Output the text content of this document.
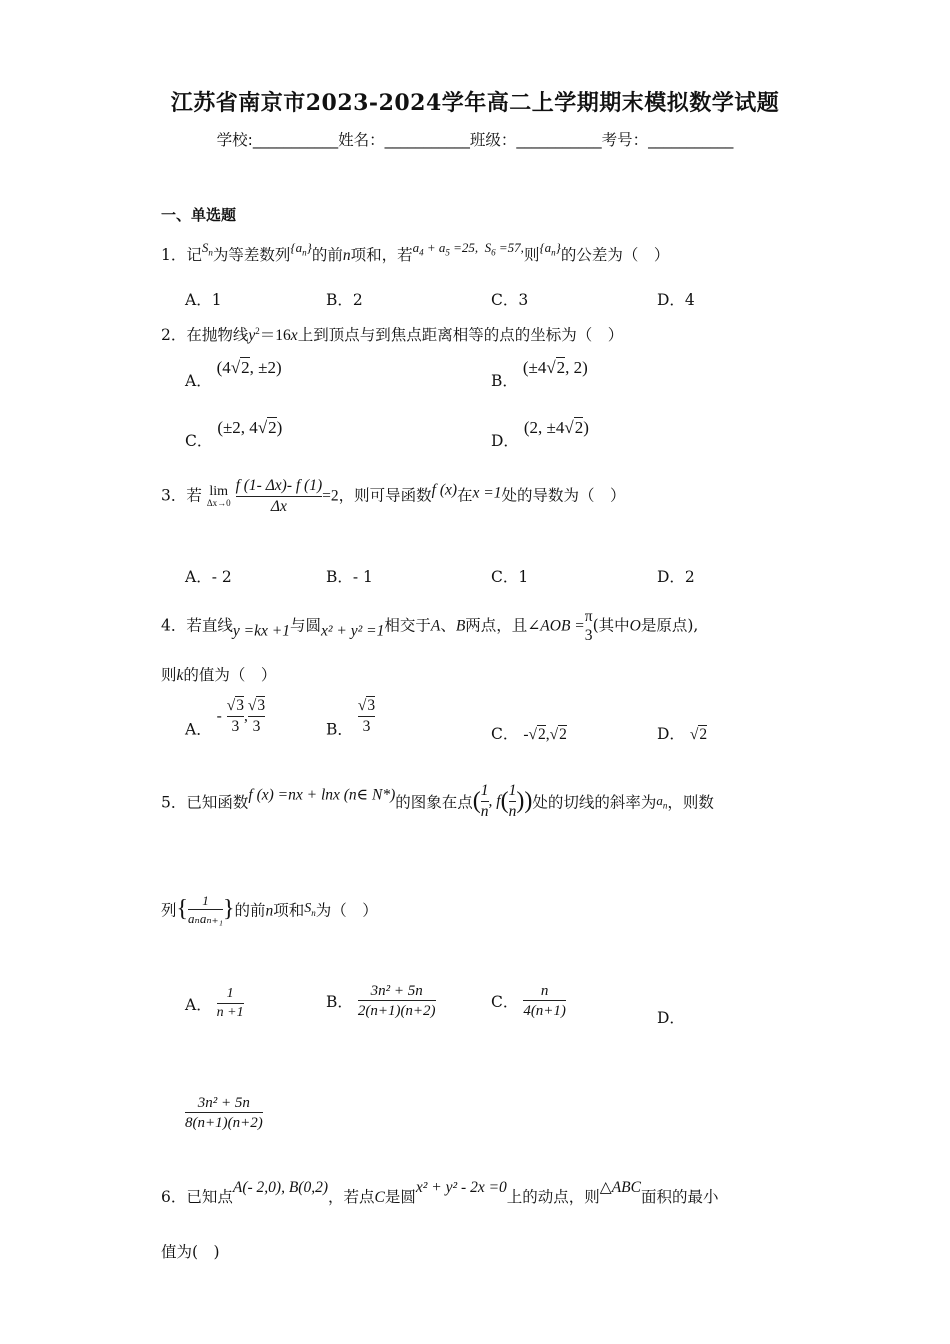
江苏省南京市2023-2024学年高二上学期期末模拟数学试题
学校:___________姓名：___________班级：___________考号：___________
一、单选题
1．记$^{S_n}$为等差数列$^{\{a_n\}}$的前n项和，若$^{a_4 + a_5 =25, S_6 =57,}$则$^{\{a_n\}}$的公差为（　）
A．1	B．2	C．3	D．4
2．在抛物线$y^2=16x$上到顶点与到焦点距离相等的点的坐标为（　）
A． (4√2, ±2)
B． (±4√2, 2)
C． (±2, 4√2)
D． (2, ±4√2)
3．若 lim
Δx→0
$\frac{f (1- \Delta x)- f (1)}{\Delta x} =2$，则可导函数f (x)在x =1处的导数为（　）
A．- 2	B．- 1	C．1	D．2
4．若直线y =kx +1与圆x² + y² =1相交于A、B两点，且∠AOB =
π
3
(其中O是原点),
则k的值为（　）
A． - $\frac{√3}{3}$ , $\frac{√3}{3}$	B． $\frac{√3}{3}$	C． -√2,√2	D． √2
5．已知函数f (x) =nx + lnx (n∈ N*)的图象在点( $\frac{1}{n}$ , $f( \frac{1}{n}$ ))处的切线的斜率为$a_n$，则数
列{ $\frac{1}{\text{aₙaₙ₊₁}}$ }的前n项和$S_n$为（　）
A． $\frac{1}{n +1}$	B． $\frac{\text{3n² + 5n}}{2(n+1)(n+2)}$	C． $\frac{n}{4(n+1)}$	D．
$\frac{\text{3n² + 5n}}{8(n+1)(n+2)}$
6．已知点A(- 2,0), B(0,2)，若点C是圆x² + y² - 2x =0上的动点，则△ABC面积的最小
值为(　)
